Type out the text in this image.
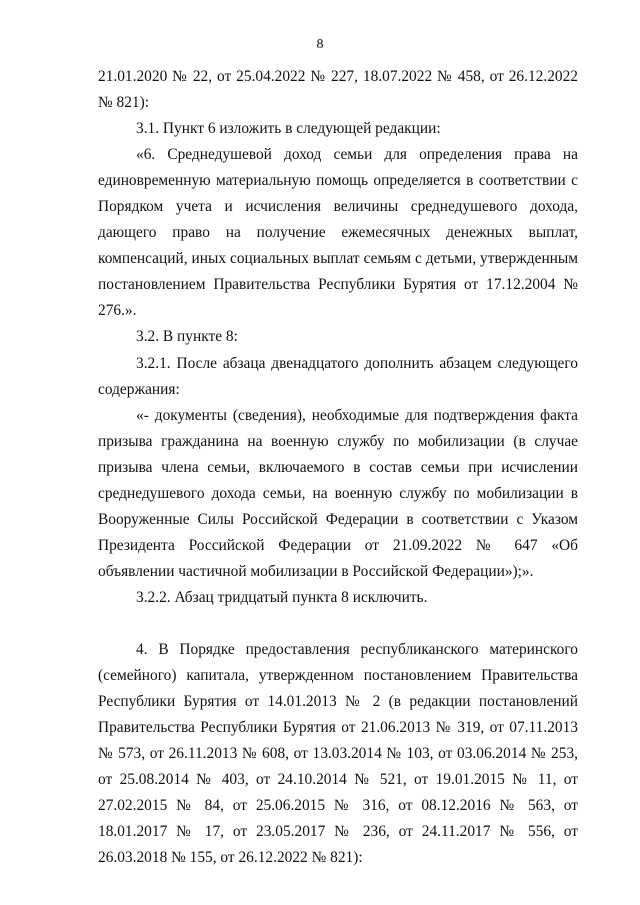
8

21.01.2020 № 22, от 25.04.2022 № 227, 18.07.2022 № 458, от 26.12.2022 № 821):

3.1. Пункт 6 изложить в следующей редакции:

«6. Среднедушевой доход семьи для определения права на единовременную материальную помощь определяется в соответствии с Порядком учета и исчисления величины среднедушевого дохода, дающего право на получение ежемесячных денежных выплат, компенсаций, иных социальных выплат семьям с детьми, утвержденным постановлением Правительства Республики Бурятия от 17.12.2004 № 276.».

3.2. В пункте 8:

3.2.1. После абзаца двенадцатого дополнить абзацем следующего содержания:

«- документы (сведения), необходимые для подтверждения факта призыва гражданина на военную службу по мобилизации (в случае призыва члена семьи, включаемого в состав семьи при исчислении среднедушевого дохода семьи, на военную службу по мобилизации в Вооруженные Силы Российской Федерации в соответствии с Указом Президента Российской Федерации от 21.09.2022 № 647 «Об объявлении частичной мобилизации в Российской Федерации»);».

3.2.2. Абзац тридцатый пункта 8 исключить.

4. В Порядке предоставления республиканского материнского (семейного) капитала, утвержденном постановлением Правительства Республики Бурятия от 14.01.2013 № 2 (в редакции постановлений Правительства Республики Бурятия от 21.06.2013 № 319, от 07.11.2013 № 573, от 26.11.2013 № 608, от 13.03.2014 № 103, от 03.06.2014 № 253, от 25.08.2014 № 403, от 24.10.2014 № 521, от 19.01.2015 № 11, от 27.02.2015 № 84, от 25.06.2015 № 316, от 08.12.2016 № 563, от 18.01.2017 № 17, от 23.05.2017 № 236, от 24.11.2017 № 556, от 26.03.2018 № 155, от 26.12.2022 № 821):
